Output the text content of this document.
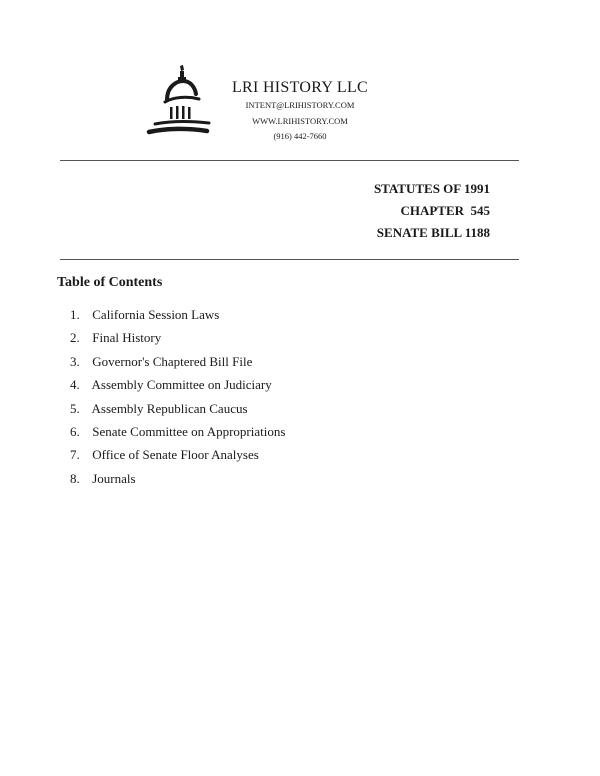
LRI HISTORY LLC
INTENT@LRIHISTORY.COM
WWW.LRIHISTORY.COM
(916) 442-7660
STATUTES OF 1991
CHAPTER  545
SENATE BILL 1188
Table of Contents
1. California Session Laws
2. Final History
3. Governor's Chaptered Bill File
4. Assembly Committee on Judiciary
5. Assembly Republican Caucus
6. Senate Committee on Appropriations
7. Office of Senate Floor Analyses
8. Journals
